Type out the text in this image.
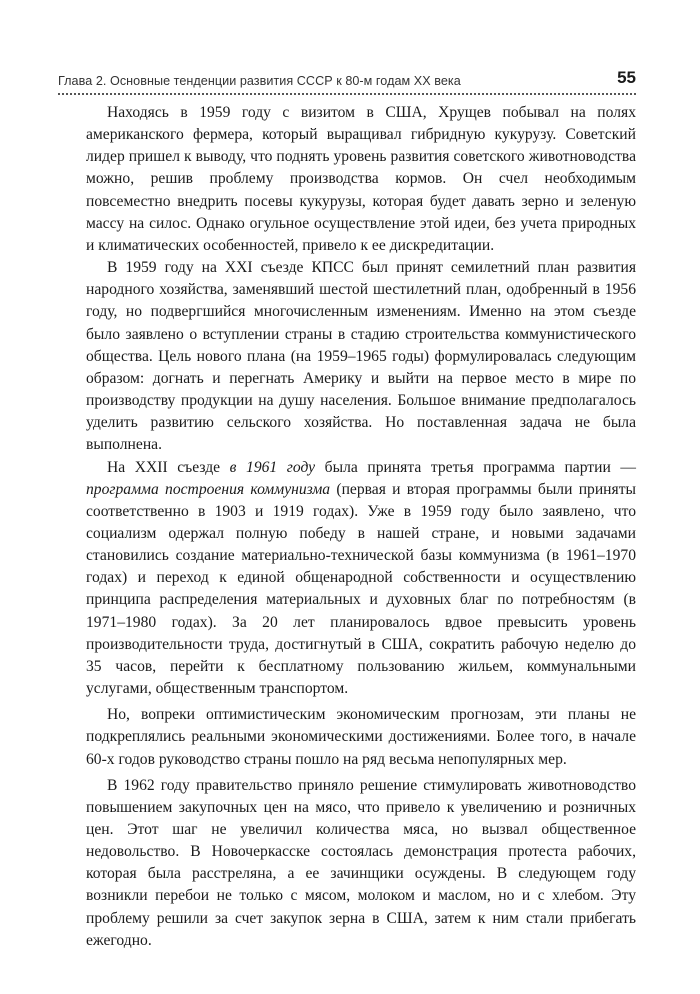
Глава 2. Основные тенденции развития СССР к 80-м годам XX века	55

Находясь в 1959 году с визитом в США, Хрущев побывал на полях американского фермера, который выращивал гибридную кукурузу. Советский лидер пришел к выводу, что поднять уровень развития советского животноводства можно, решив проблему производства кормов. Он счел необходимым повсеместно внедрить посевы кукурузы, которая будет давать зерно и зеленую массу на силос. Однако огульное осуществление этой идеи, без учета природных и климатических особенностей, привело к ее дискредитации.

В 1959 году на XXI съезде КПСС был принят семилетний план развития народного хозяйства, заменявший шестой шестилетний план, одобренный в 1956 году, но подвергшийся многочисленным изменениям. Именно на этом съезде было заявлено о вступлении страны в стадию строительства коммунистического общества. Цель нового плана (на 1959–1965 годы) формулировалась следующим образом: догнать и перегнать Америку и выйти на первое место в мире по производству продукции на душу населения. Большое внимание предполагалось уделить развитию сельского хозяйства. Но поставленная задача не была выполнена.

На XXII съезде в 1961 году была принята третья программа партии — программа построения коммунизма (первая и вторая программы были приняты соответственно в 1903 и 1919 годах). Уже в 1959 году было заявлено, что социализм одержал полную победу в нашей стране, и новыми задачами становились создание материально-технической базы коммунизма (в 1961–1970 годах) и переход к единой общенародной собственности и осуществлению принципа распределения материальных и духовных благ по потребностям (в 1971–1980 годах). За 20 лет планировалось вдвое превысить уровень производительности труда, достигнутый в США, сократить рабочую неделю до 35 часов, перейти к бесплатному пользованию жильем, коммунальными услугами, общественным транспортом.

Но, вопреки оптимистическим экономическим прогнозам, эти планы не подкреплялись реальными экономическими достижениями. Более того, в начале 60-х годов руководство страны пошло на ряд весьма непопулярных мер.

В 1962 году правительство приняло решение стимулировать животноводство повышением закупочных цен на мясо, что привело к увеличению и розничных цен. Этот шаг не увеличил количества мяса, но вызвал общественное недовольство. В Новочеркасске состоялась демонстрация протеста рабочих, которая была расстреляна, а ее зачинщики осуждены. В следующем году возникли перебои не только с мясом, молоком и маслом, но и с хлебом. Эту проблему решили за счет закупок зерна в США, затем к ним стали прибегать ежегодно.
